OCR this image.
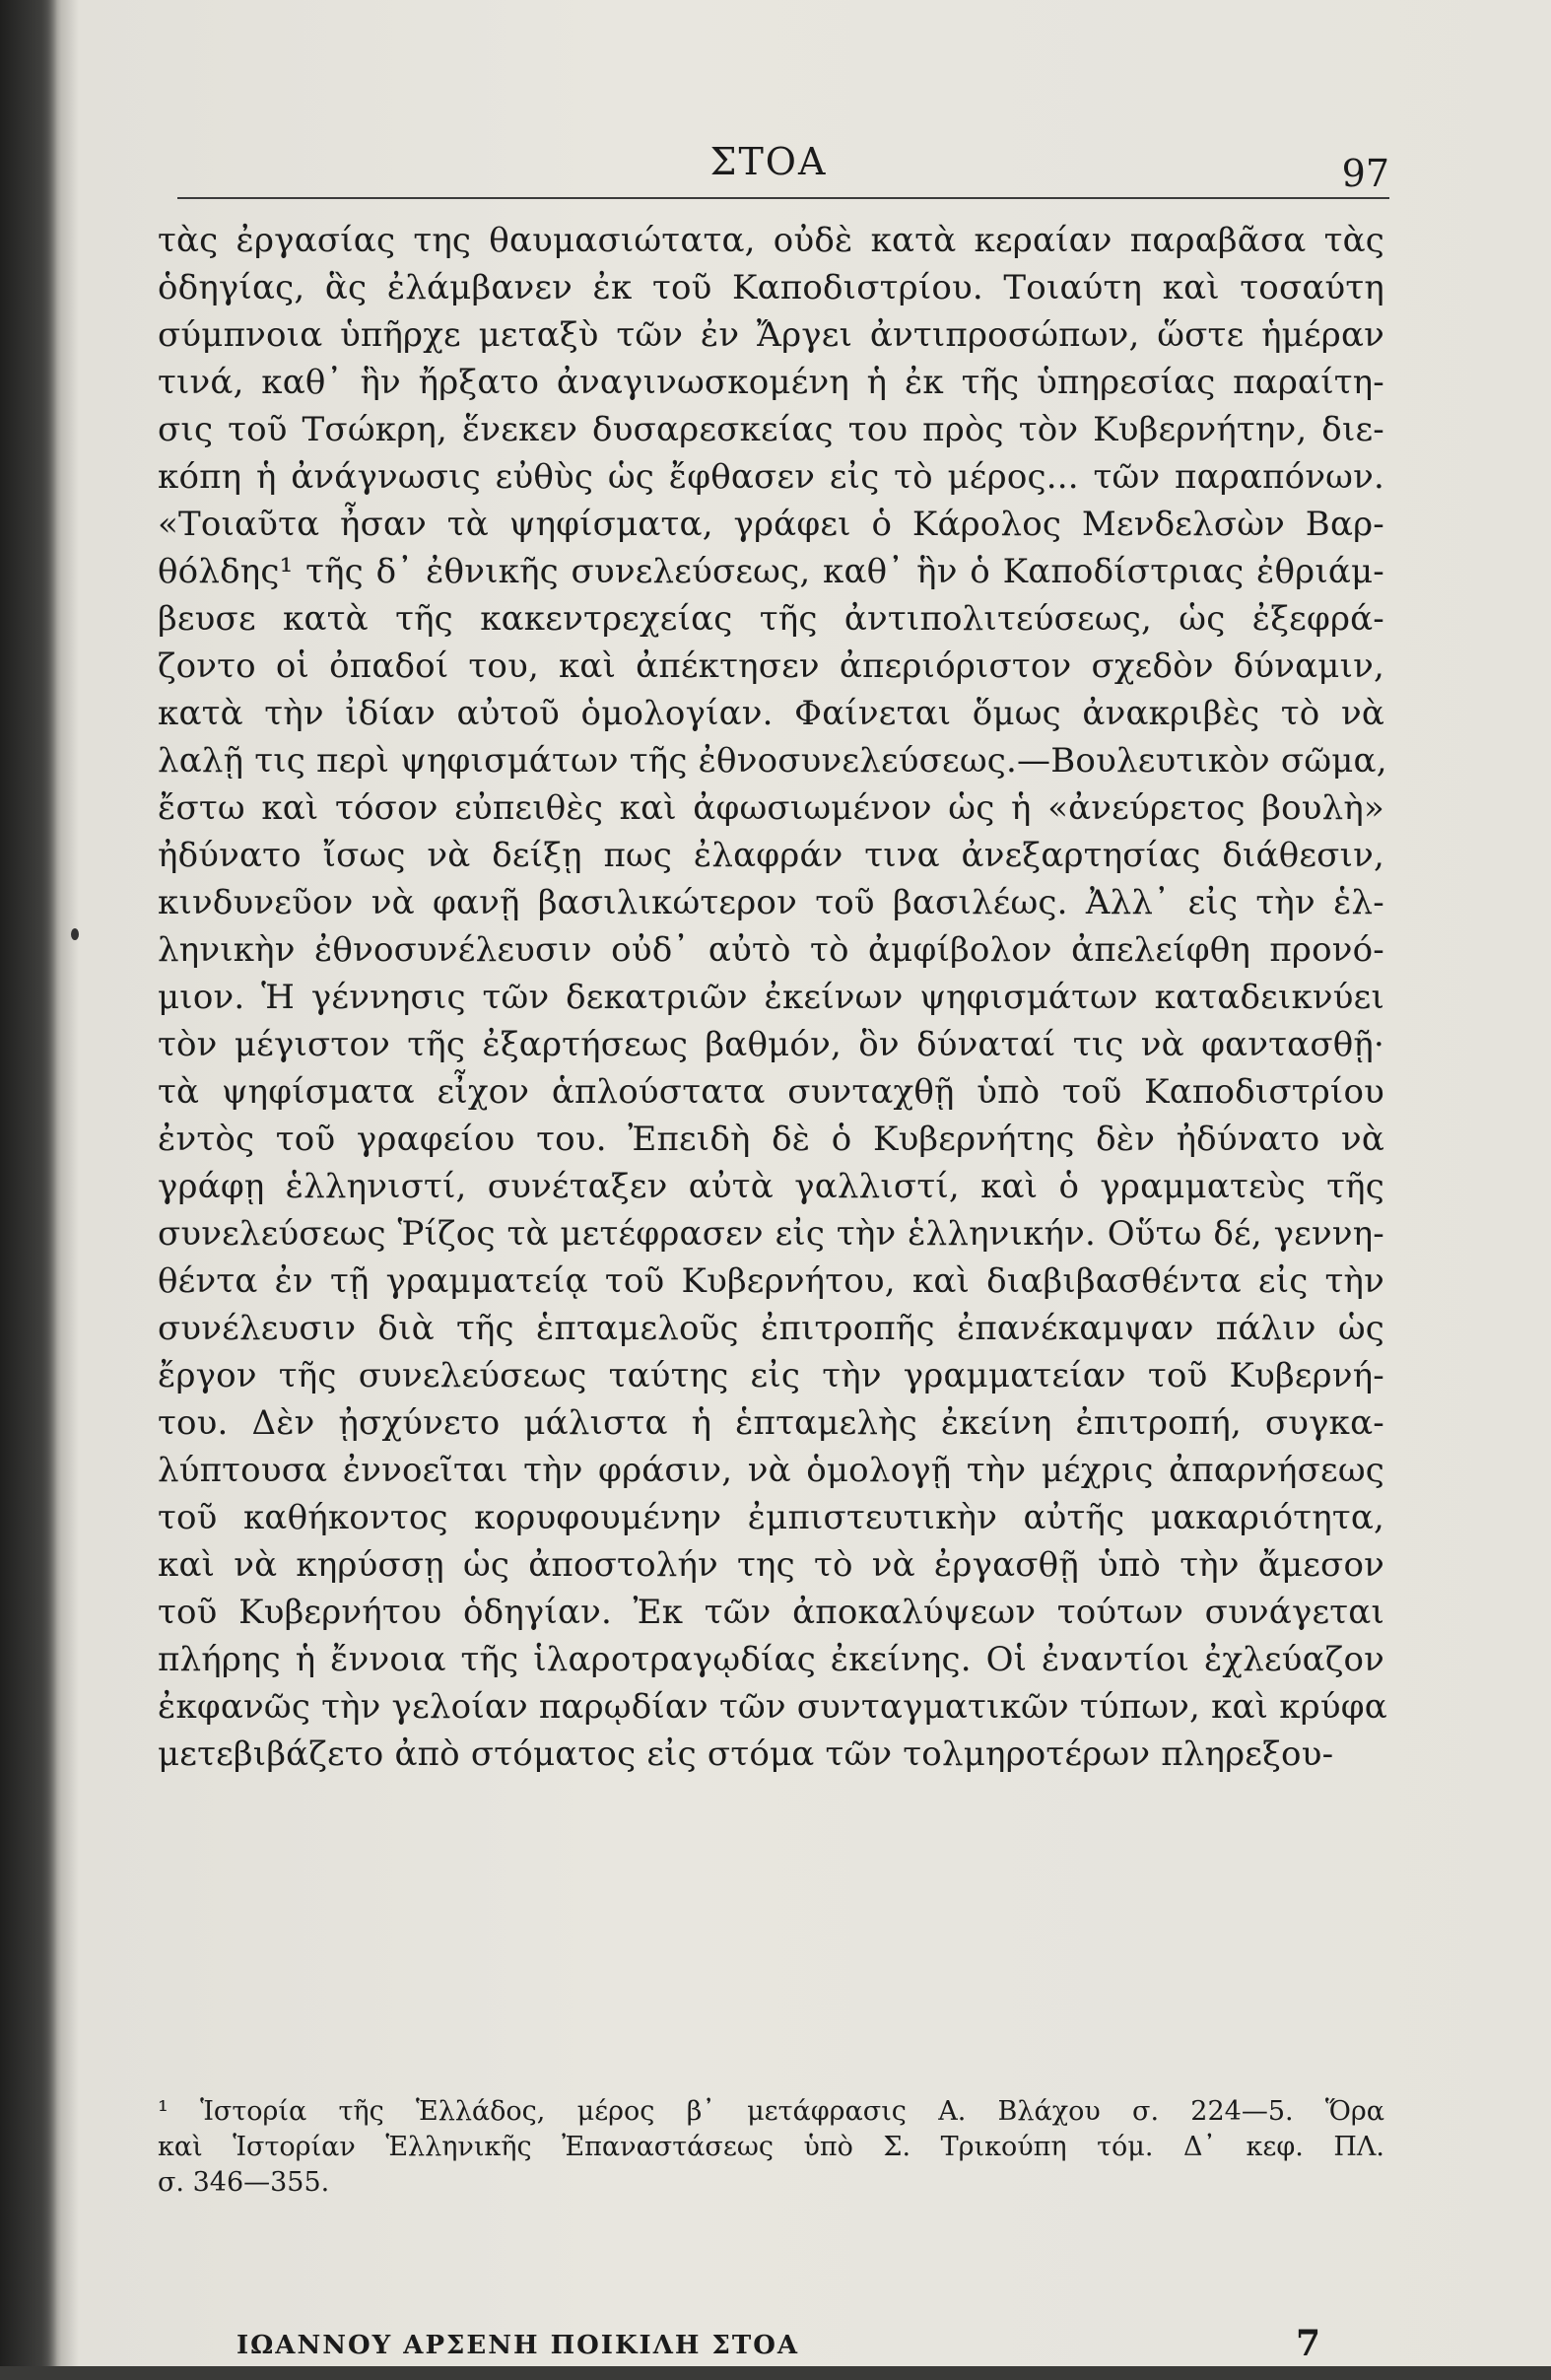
ΣΤΟΑ	97
τὰς ἐργασίας της θαυμασιώτατα, οὐδὲ κατὰ κεραίαν παραβᾶσα τὰς
ὁδηγίας, ἃς ἐλάμβανεν ἐκ τοῦ Καποδιστρίου. Τοιαύτη καὶ τοσαύτη
σύμπνοια ὑπῆρχε μεταξὺ τῶν ἐν Ἄργει ἀντιπροσώπων, ὥστε ἡμέραν
τινά, καθ᾽ ἣν ἤρξατο ἀναγινωσκομένη ἡ ἐκ τῆς ὑπηρεσίας παραίτη-
σις τοῦ Τσώκρη, ἕνεκεν δυσαρεσκείας του πρὸς τὸν Κυβερνήτην, διε-
κόπη ἡ ἀνάγνωσις εὐθὺς ὡς ἔφθασεν εἰς τὸ μέρος... τῶν παραπόνων.
«Τοιαῦτα ἦσαν τὰ ψηφίσματα, γράφει ὁ Κάρολος Μενδελσὼν Βαρ-
θόλδης¹ τῆς δ᾽ ἐθνικῆς συνελεύσεως, καθ᾽ ἣν ὁ Καποδίστριας ἐθριάμ-
βευσε κατὰ τῆς κακεντρεχείας τῆς ἀντιπολιτεύσεως, ὡς ἐξεφρά-
ζοντο οἱ ὀπαδοί του, καὶ ἀπέκτησεν ἀπεριόριστον σχεδὸν δύναμιν,
κατὰ τὴν ἰδίαν αὐτοῦ ὁμολογίαν. Φαίνεται ὅμως ἀνακριβὲς τὸ νὰ
λαλῇ τις περὶ ψηφισμάτων τῆς ἐθνοσυνελεύσεως.—Βουλευτικὸν σῶμα,
ἔστω καὶ τόσον εὐπειθὲς καὶ ἀφωσιωμένον ὡς ἡ «ἀνεύρετος βουλὴ»
ἠδύνατο ἴσως νὰ δείξῃ πως ἐλαφράν τινα ἀνεξαρτησίας διάθεσιν,
κινδυνεῦον νὰ φανῇ βασιλικώτερον τοῦ βασιλέως. Ἀλλ᾽ εἰς τὴν ἑλ-
ληνικὴν ἐθνοσυνέλευσιν οὐδ᾽ αὐτὸ τὸ ἀμφίβολον ἀπελείφθη προνό-
μιον. Ἡ γέννησις τῶν δεκατριῶν ἐκείνων ψηφισμάτων καταδεικνύει
τὸν μέγιστον τῆς ἐξαρτήσεως βαθμόν, ὃν δύναταί τις νὰ φαντασθῇ·
τὰ ψηφίσματα εἶχον ἁπλούστατα συνταχθῇ ὑπὸ τοῦ Καποδιστρίου
ἐντὸς τοῦ γραφείου του. Ἐπειδὴ δὲ ὁ Κυβερνήτης δὲν ἠδύνατο νὰ
γράφῃ ἑλληνιστί, συνέταξεν αὐτὰ γαλλιστί, καὶ ὁ γραμματεὺς τῆς
συνελεύσεως Ῥίζος τὰ μετέφρασεν εἰς τὴν ἑλληνικήν. Οὕτω δέ, γεννη-
θέντα ἐν τῇ γραμματείᾳ τοῦ Κυβερνήτου, καὶ διαβιβασθέντα εἰς τὴν
συνέλευσιν διὰ τῆς ἑπταμελοῦς ἐπιτροπῆς ἐπανέκαμψαν πάλιν ὡς
ἔργον τῆς συνελεύσεως ταύτης εἰς τὴν γραμματείαν τοῦ Κυβερνή-
του. Δὲν ᾐσχύνετο μάλιστα ἡ ἑπταμελὴς ἐκείνη ἐπιτροπή, συγκα-
λύπτουσα ἐννοεῖται τὴν φράσιν, νὰ ὁμολογῇ τὴν μέχρις ἀπαρνήσεως
τοῦ καθήκοντος κορυφουμένην ἐμπιστευτικὴν αὐτῆς μακαριότητα,
καὶ νὰ κηρύσσῃ ὡς ἀποστολήν της τὸ νὰ ἐργασθῇ ὑπὸ τὴν ἄμεσον
τοῦ Κυβερνήτου ὁδηγίαν. Ἐκ τῶν ἀποκαλύψεων τούτων συνάγεται
πλήρης ἡ ἔννοια τῆς ἱλαροτραγῳδίας ἐκείνης. Οἱ ἐναντίοι ἐχλεύαζον
ἐκφανῶς τὴν γελοίαν παρῳδίαν τῶν συνταγματικῶν τύπων, καὶ κρύφα
μετεβιβάζετο ἀπὸ στόματος εἰς στόμα τῶν τολμηροτέρων πληρεξου-
¹ Ἱστορία τῆς Ἑλλάδος, μέρος β᾽ μετάφρασις Α. Βλάχου σ. 224—5. Ὅρα
καὶ Ἱστορίαν Ἑλληνικῆς Ἐπαναστάσεως ὑπὸ Σ. Τρικούπη τόμ. Δ᾽ κεφ. ΠΛ.
σ. 346—355.
ΙΩΑΝΝΟΥ ΑΡΣΕΝΗ ΠΟΙΚΙΛΗ ΣΤΟΑ	7
